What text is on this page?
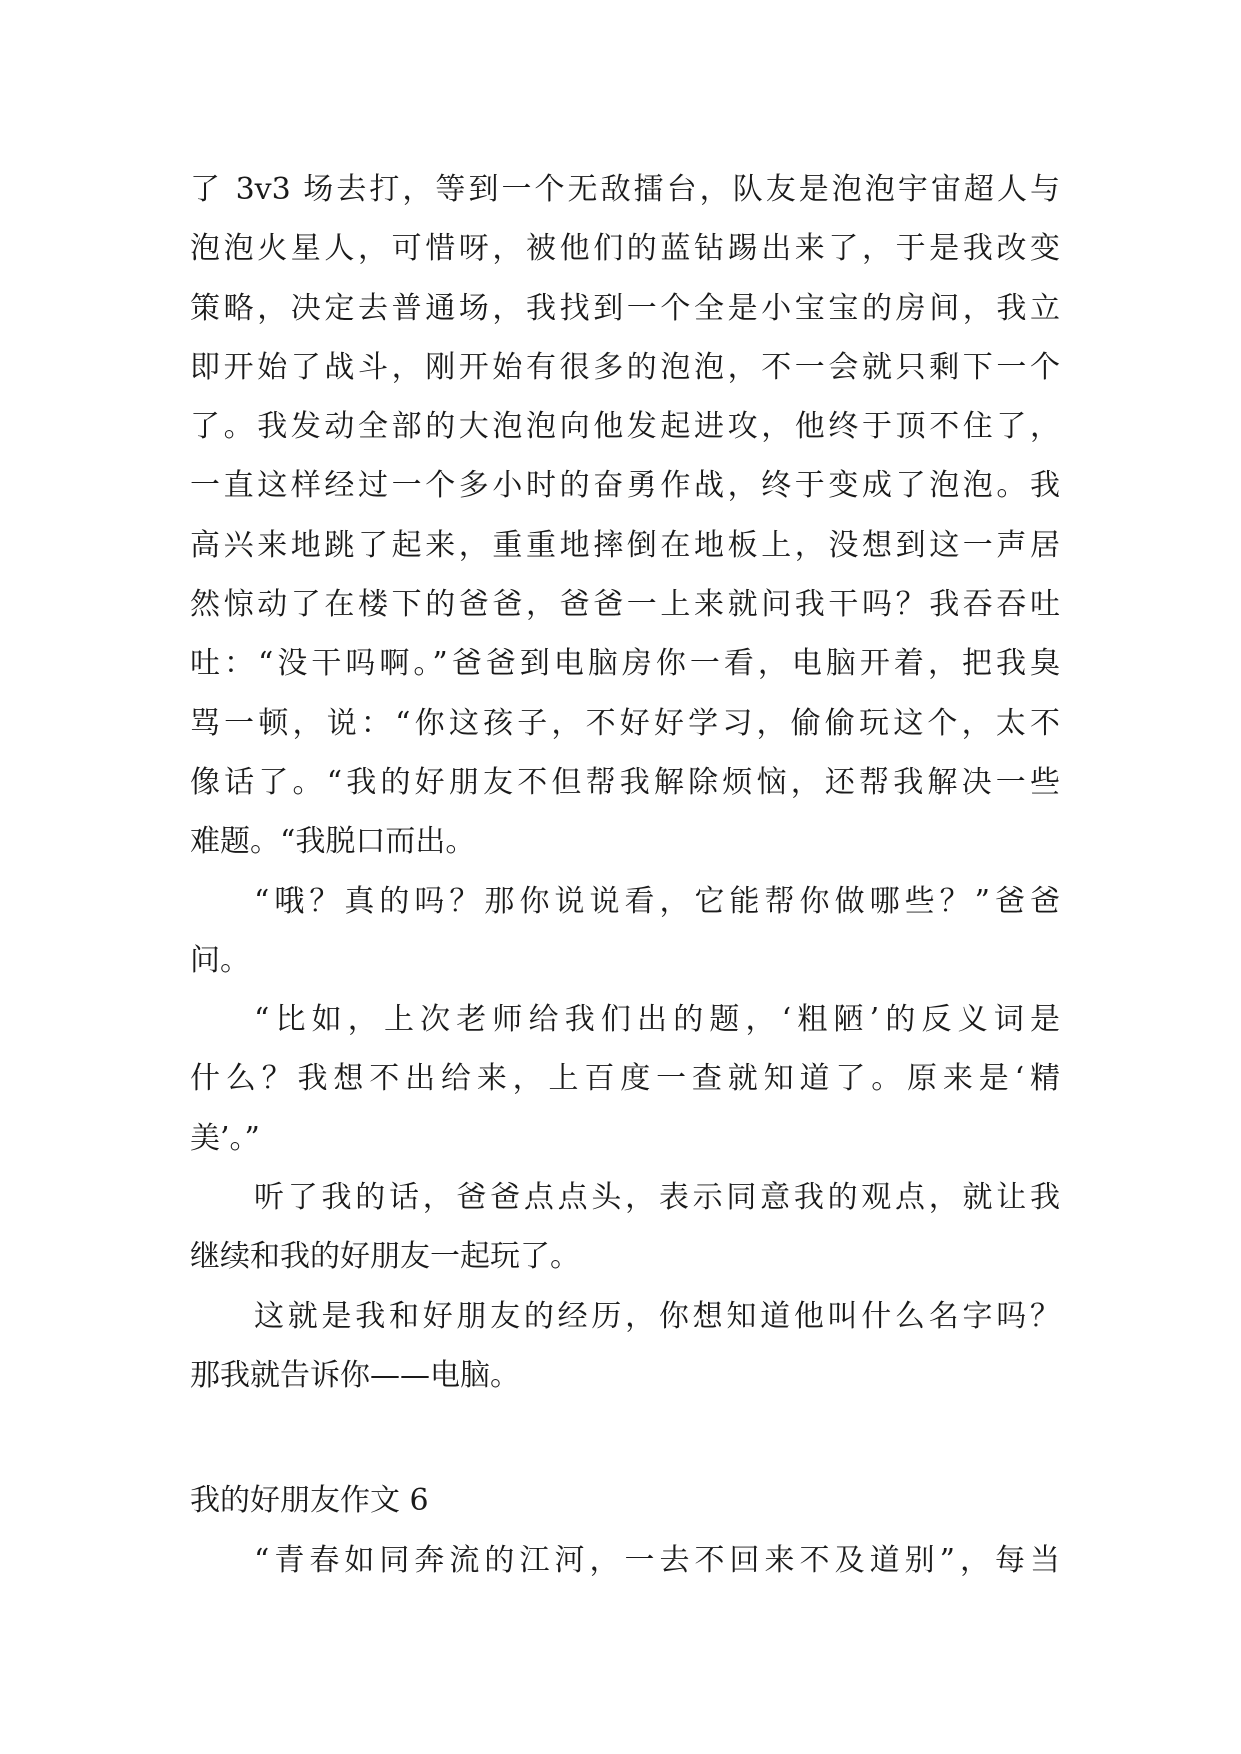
了 3v3 场去打，等到一个无敌擂台，队友是泡泡宇宙超人与
泡泡火星人，可惜呀，被他们的蓝钻踢出来了，于是我改变
策略，决定去普通场，我找到一个全是小宝宝的房间，我立
即开始了战斗，刚开始有很多的泡泡，不一会就只剩下一个
了。我发动全部的大泡泡向他发起进攻，他终于顶不住了，
一直这样经过一个多小时的奋勇作战，终于变成了泡泡。我
高兴来地跳了起来，重重地摔倒在地板上，没想到这一声居
然惊动了在楼下的爸爸，爸爸一上来就问我干吗？我吞吞吐
吐：“没干吗啊。”爸爸到电脑房你一看，电脑开着，把我臭
骂一顿，说：“你这孩子，不好好学习，偷偷玩这个，太不
像话了。“我的好朋友不但帮我解除烦恼，还帮我解决一些
难题。“我脱口而出。
“哦？真的吗？那你说说看，它能帮你做哪些？”爸爸
问。
“比如，上次老师给我们出的题，‘粗陋’的反义词是
什么？我想不出给来，上百度一查就知道了。原来是‘精
美’。”
听了我的话，爸爸点点头，表示同意我的观点，就让我
继续和我的好朋友一起玩了。
这就是我和好朋友的经历，你想知道他叫什么名字吗？
那我就告诉你——电脑。
我的好朋友作文 6
“青春如同奔流的江河，一去不回来不及道别”，每当
